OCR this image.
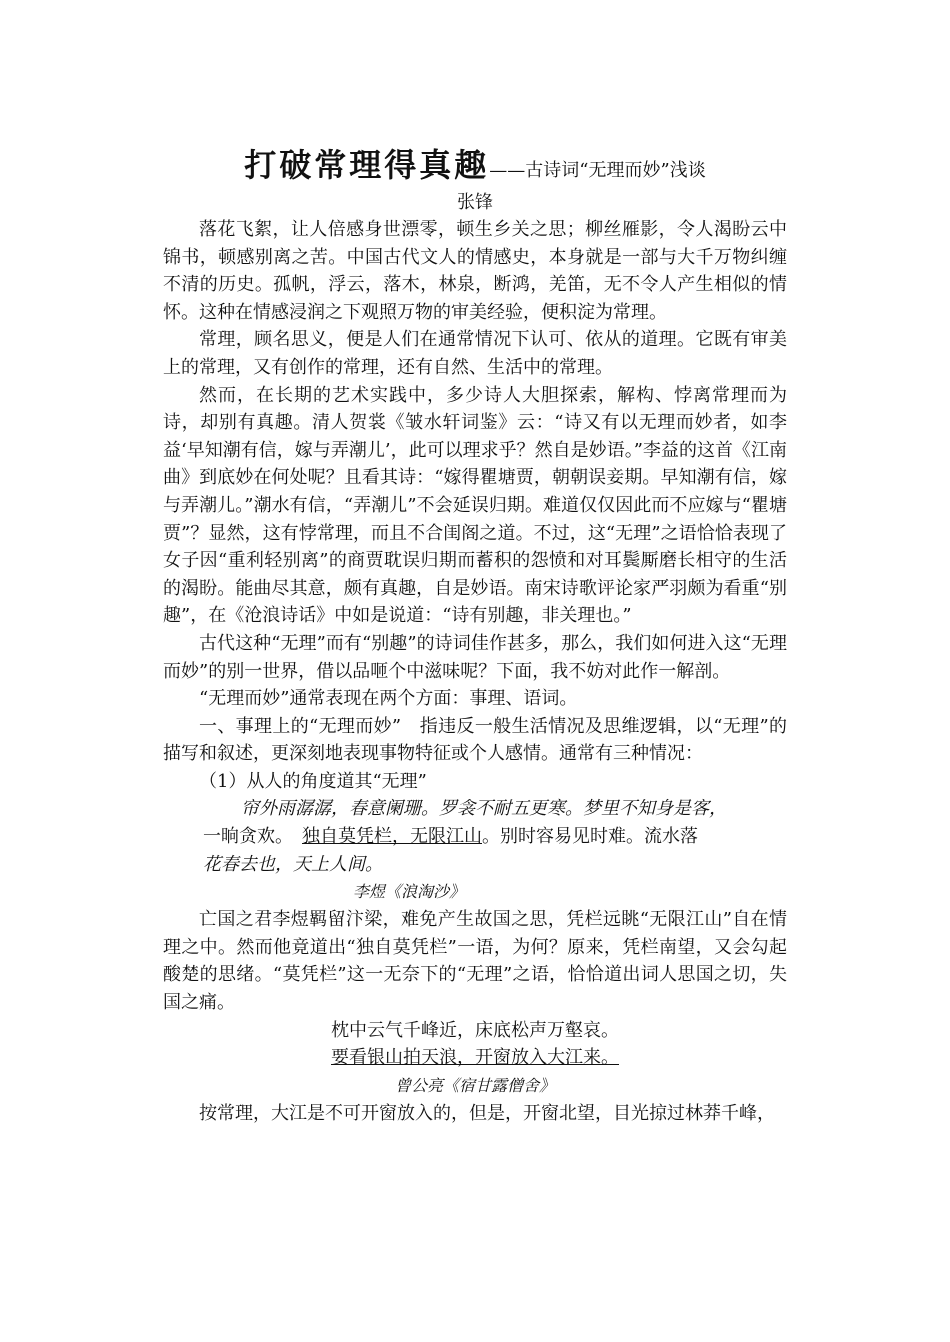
打破常理得真趣——古诗词“无理而妙”浅谈
张锋

落花飞絮，让人倍感身世漂零，顿生乡关之思；柳丝雁影，令人渴盼云中锦书，顿感别离之苦。中国古代文人的情感史，本身就是一部与大千万物纠缠不清的历史。孤帆，浮云，落木，林泉，断鸿，羌笛，无不令人产生相似的情怀。这种在情感浸润之下观照万物的审美经验，便积淀为常理。

常理，顾名思义，便是人们在通常情况下认可、依从的道理。它既有审美上的常理，又有创作的常理，还有自然、生活中的常理。

然而，在长期的艺术实践中，多少诗人大胆探索，解构、悖离常理而为诗，却别有真趣。清人贺裳《皱水轩词鉴》云：“诗又有以无理而妙者，如李益‘早知潮有信，嫁与弄潮儿’，此可以理求乎？然自是妙语。”李益的这首《江南曲》到底妙在何处呢？且看其诗：“嫁得瞿塘贾，朝朝误妾期。早知潮有信，嫁与弄潮儿。”潮水有信，“弄潮儿”不会延误归期。难道仅仅因此而不应嫁与“瞿塘贾”？显然，这有悖常理，而且不合闺阁之道。不过，这“无理”之语恰恰表现了女子因“重利轻别离”的商贾耽误归期而蓄积的怨愤和对耳鬓厮磨长相守的生活的渴盼。能曲尽其意，颇有真趣，自是妙语。南宋诗歌评论家严羽颇为看重“别趣”，在《沧浪诗话》中如是说道：“诗有别趣，非关理也。”

古代这种“无理”而有“别趣”的诗词佳作甚多，那么，我们如何进入这“无理而妙”的别一世界，借以品咂个中滋味呢？下面，我不妨对此作一解剖。

“无理而妙”通常表现在两个方面：事理、语词。

一、事理上的“无理而妙”　指违反一般生活情况及思维逻辑，以“无理”的描写和叙述，更深刻地表现事物特征或个人感情。通常有三种情况：

（1）从人的角度道其“无理”

帘外雨潺潺，春意阑珊。罗衾不耐五更寒。梦里不知身是客，
一晌贪欢。　独自莫凭栏，无限江山。别时容易见时难。流水落
花春去也，天上人间。
李煜《浪淘沙》

亡国之君李煜羁留汴梁，难免产生故国之思，凭栏远眺“无限江山”自在情理之中。然而他竟道出“独自莫凭栏”一语，为何？原来，凭栏南望，又会勾起酸楚的思绪。“莫凭栏”这一无奈下的“无理”之语，恰恰道出词人思国之切，失国之痛。

枕中云气千峰近，床底松声万壑哀。
要看银山拍天浪，开窗放入大江来。
曾公亮《宿甘露僧舍》

按常理，大江是不可开窗放入的，但是，开窗北望，目光掠过林莽千峰，
